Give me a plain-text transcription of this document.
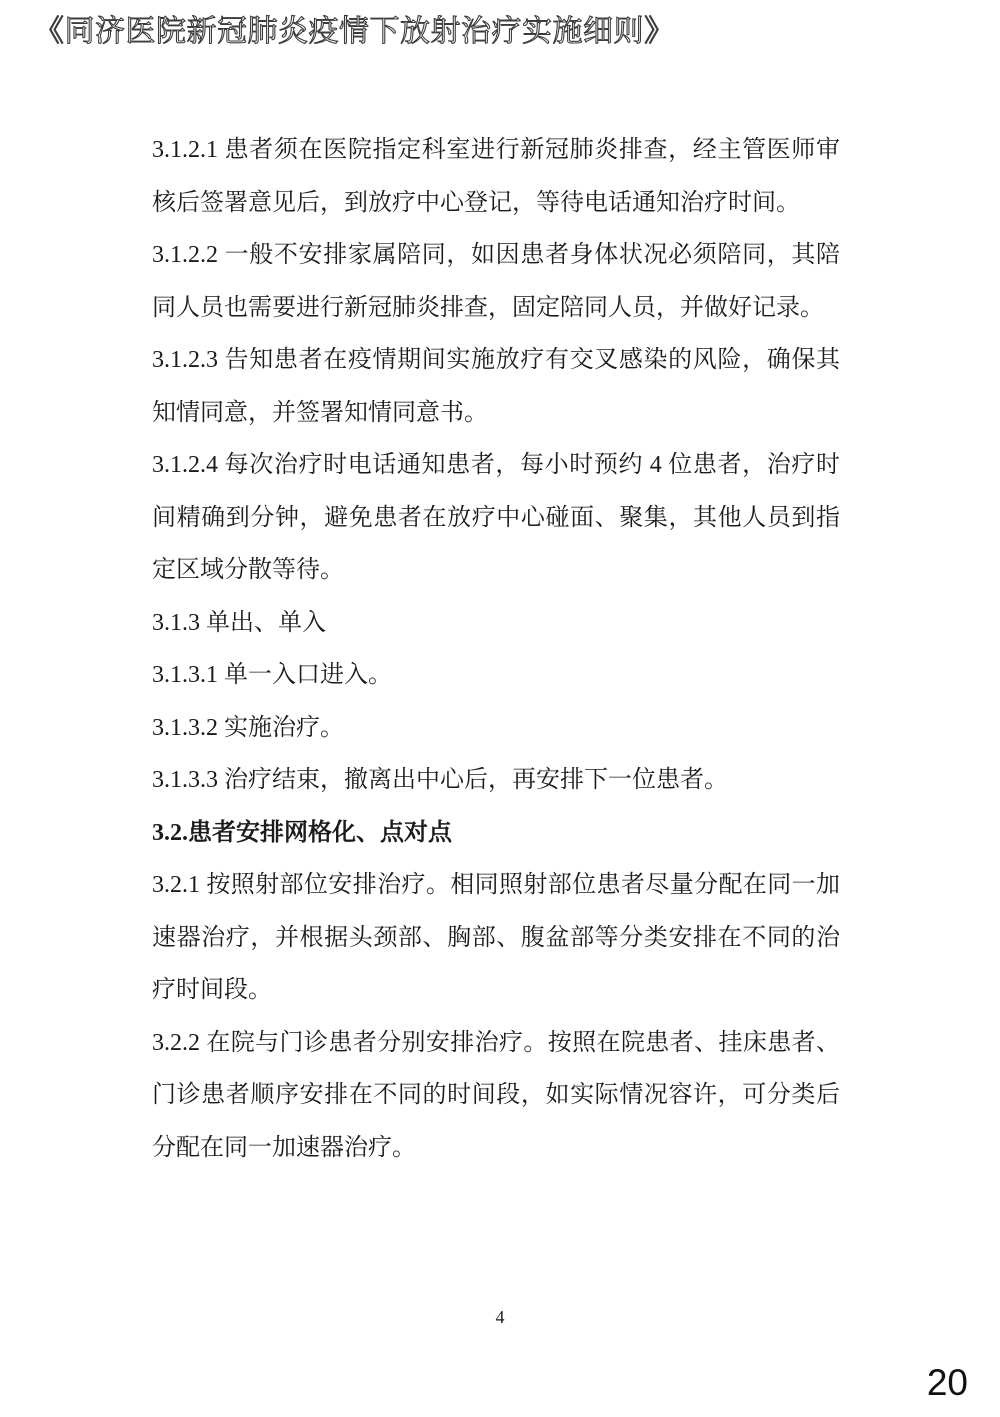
《同济医院新冠肺炎疫情下放射治疗实施细则》

3.1.2.1 患者须在医院指定科室进行新冠肺炎排查，经主管医师审核后签署意见后，到放疗中心登记，等待电话通知治疗时间。

3.1.2.2 一般不安排家属陪同，如因患者身体状况必须陪同，其陪同人员也需要进行新冠肺炎排查，固定陪同人员，并做好记录。

3.1.2.3 告知患者在疫情期间实施放疗有交叉感染的风险，确保其知情同意，并签署知情同意书。

3.1.2.4 每次治疗时电话通知患者，每小时预约 4 位患者，治疗时间精确到分钟，避免患者在放疗中心碰面、聚集，其他人员到指定区域分散等待。

3.1.3 单出、单入

3.1.3.1 单一入口进入。

3.1.3.2 实施治疗。

3.1.3.3 治疗结束，撤离出中心后，再安排下一位患者。

3.2.患者安排网格化、点对点

3.2.1 按照射部位安排治疗。相同照射部位患者尽量分配在同一加速器治疗，并根据头颈部、胸部、腹盆部等分类安排在不同的治疗时间段。

3.2.2 在院与门诊患者分别安排治疗。按照在院患者、挂床患者、门诊患者顺序安排在不同的时间段，如实际情况容许，可分类后分配在同一加速器治疗。

4
20
